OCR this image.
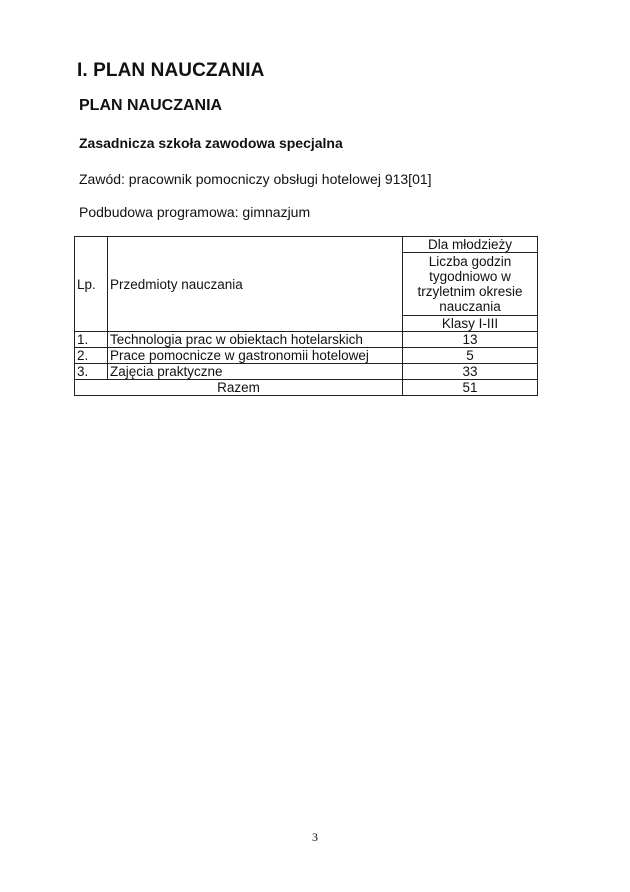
I. PLAN NAUCZANIA
PLAN NAUCZANIA
Zasadnicza szkoła zawodowa specjalna
Zawód: pracownik pomocniczy obsługi hotelowej 913[01]
Podbudowa programowa: gimnazjum
Lp.	Przedmioty nauczania	Dla młodzieży
		Liczba godzin tygodniowo w trzyletnim okresie nauczania
		Klasy I-III
1.	Technologia prac w obiektach hotelarskich	13
2.	Prace pomocnicze w gastronomii hotelowej	5
3.	Zajęcia praktyczne	33
Razem		51
3
